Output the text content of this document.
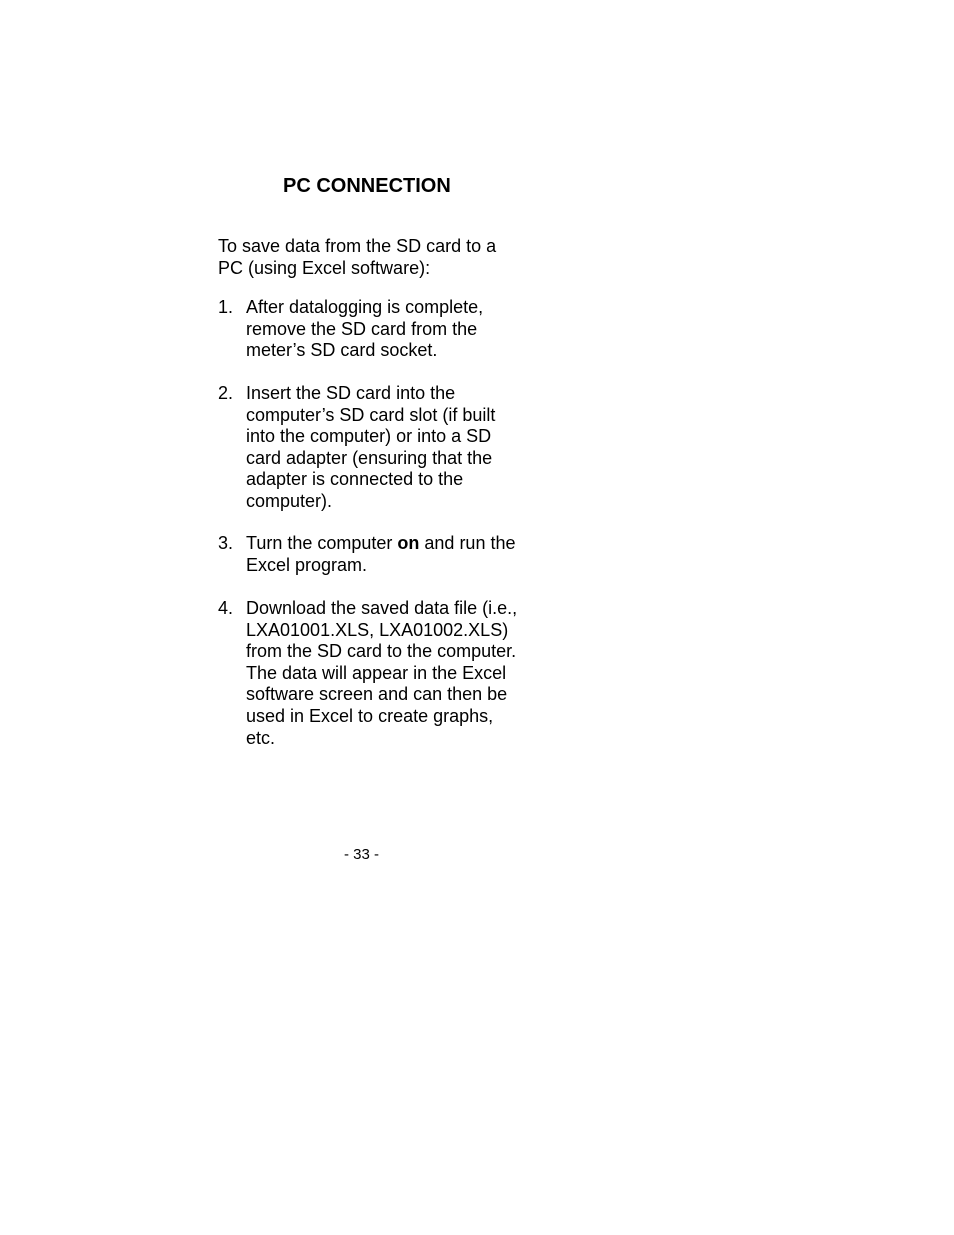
PC CONNECTION

To save data from the SD card to a
PC (using Excel software):

1. After datalogging is complete,
remove the SD card from the
meter’s SD card socket.
2. Insert the SD card into the
computer’s SD card slot (if built
into the computer) or into a SD
card adapter (ensuring that the
adapter is connected to the
computer).
3. Turn the computer on and run the
Excel program.
4. Download the saved data file (i.e.,
LXA01001.XLS, LXA01002.XLS)
from the SD card to the computer.
The data will appear in the Excel
software screen and can then be
used in Excel to create graphs,
etc.
- 33 -
